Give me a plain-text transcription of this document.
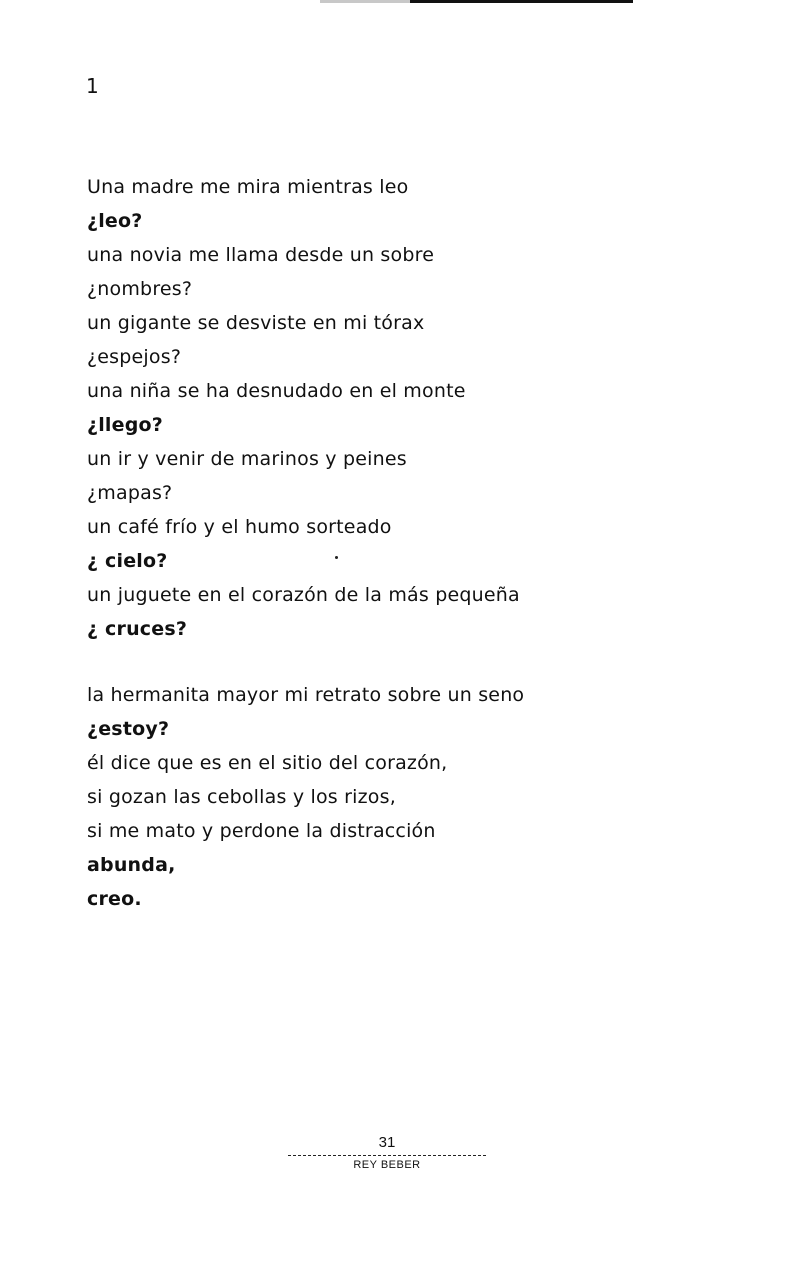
1
Una madre me mira mientras leo
¿leo?
una novia me llama desde un sobre
¿nombres?
un gigante se desviste en mi tórax
¿espejos?
una niña se ha desnudado en el monte
¿llego?
un ir y venir de marinos y peines
¿mapas?
un café frío y el humo sorteado
¿ cielo?
un juguete en el corazón de la más pequeña
¿ cruces?
la hermanita mayor mi retrato sobre un seno
¿estoy?
él dice que es en el sitio del corazón,
si gozan las cebollas y los rizos,
si me mato y perdone la distracción
abunda,
creo.
31
REY BEBER
